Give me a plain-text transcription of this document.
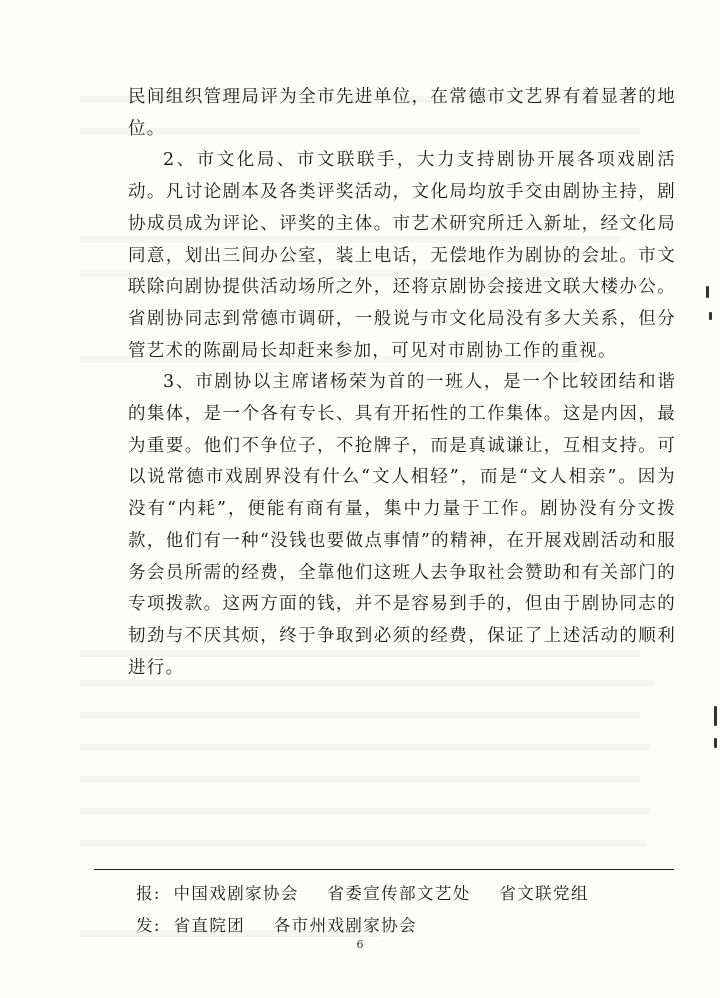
民间组织管理局评为全市先进单位，在常德市文艺界有着显著的地位。

2、市文化局、市文联联手，大力支持剧协开展各项戏剧活动。凡讨论剧本及各类评奖活动，文化局均放手交由剧协主持，剧协成员成为评论、评奖的主体。市艺术研究所迁入新址，经文化局同意，划出三间办公室，装上电话，无偿地作为剧协的会址。市文联除向剧协提供活动场所之外，还将京剧协会接进文联大楼办公。省剧协同志到常德市调研，一般说与市文化局没有多大关系，但分管艺术的陈副局长却赶来参加，可见对市剧协工作的重视。

3、市剧协以主席诸杨荣为首的一班人，是一个比较团结和谐的集体，是一个各有专长、具有开拓性的工作集体。这是内因，最为重要。他们不争位子，不抢牌子，而是真诚谦让，互相支持。可以说常德市戏剧界没有什么“文人相轻”，而是“文人相亲”。因为没有“内耗”，便能有商有量，集中力量于工作。剧协没有分文拨款，他们有一种“没钱也要做点事情”的精神，在开展戏剧活动和服务会员所需的经费，全靠他们这班人去争取社会赞助和有关部门的专项拨款。这两方面的钱，并不是容易到手的，但由于剧协同志的韧劲与不厌其烦，终于争取到必须的经费，保证了上述活动的顺利进行。

报: 中国戏剧家协会 省委宣传部文艺处 省文联党组
发: 省直院团 各市州戏剧家协会
6
